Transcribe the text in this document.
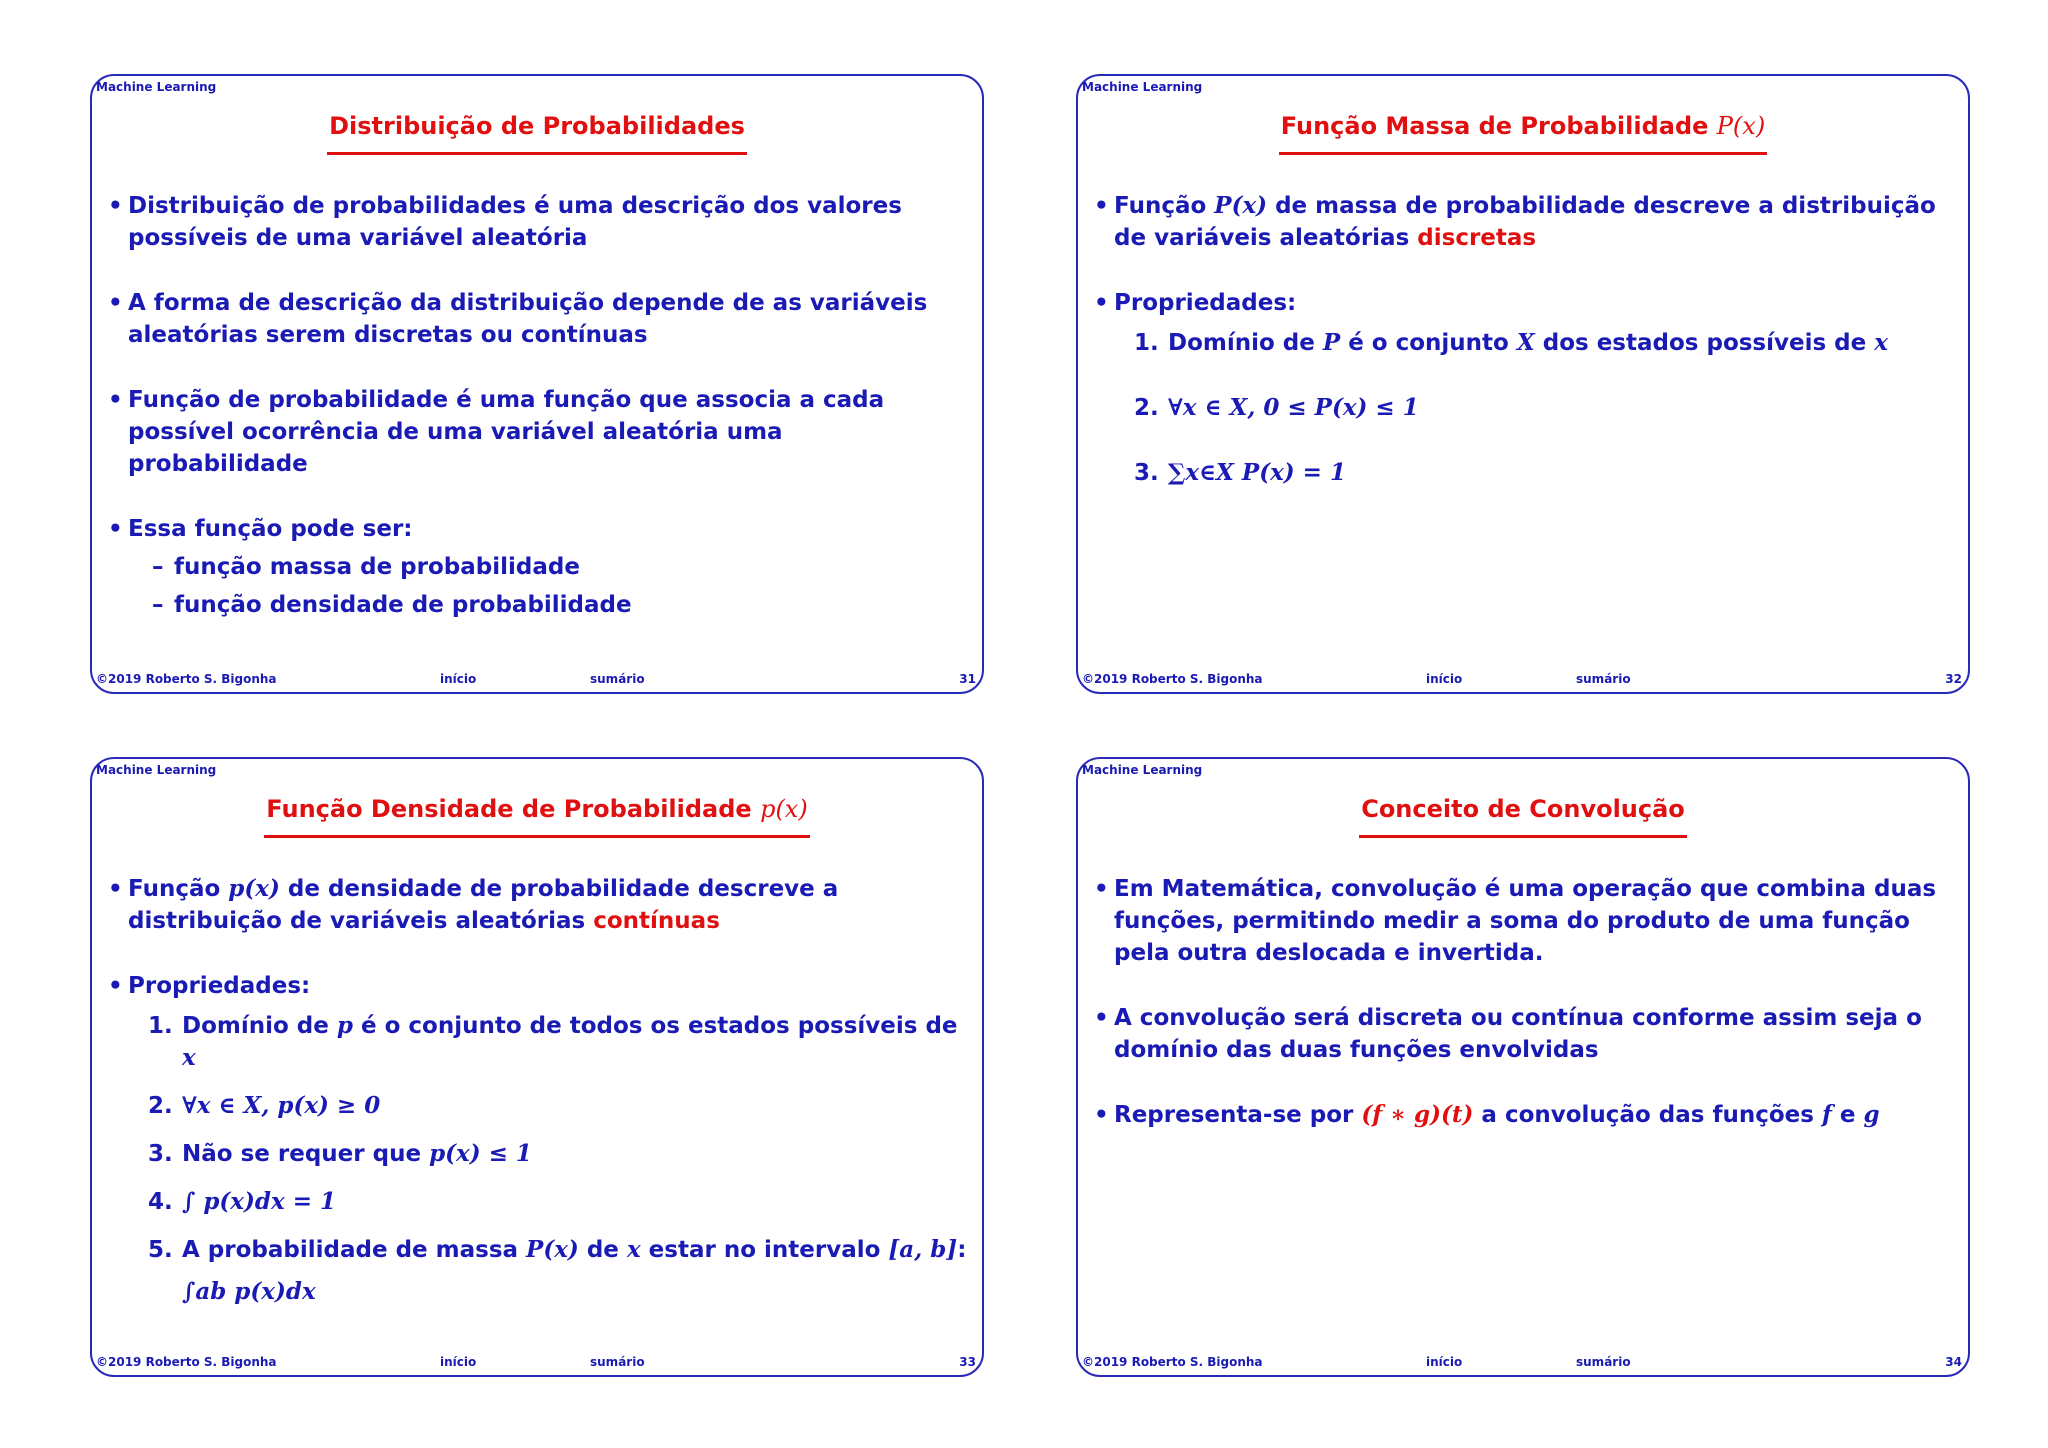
Machine Learning
Distribuição de Probabilidades
• Distribuição de probabilidades é uma descrição dos valores possíveis de uma variável aleatória
• A forma de descrição da distribuição depende de as variáveis aleatórias serem discretas ou contínuas
• Função de probabilidade é uma função que associa a cada possível ocorrência de uma variável aleatória uma probabilidade
• Essa função pode ser:
– função massa de probabilidade
– função densidade de probabilidade
©2019 Roberto S. Bigonha	início	sumário	31
Machine Learning
Função Massa de Probabilidade P(x)
• Função P(x) de massa de probabilidade descreve a distribuição de variáveis aleatórias discretas
• Propriedades:
1. Domínio de P é o conjunto X dos estados possíveis de x
2. ∀x ∈ X, 0 ≤ P(x) ≤ 1
3. ∑x∈X P(x) = 1
©2019 Roberto S. Bigonha	início	sumário	32
Machine Learning
Função Densidade de Probabilidade p(x)
• Função p(x) de densidade de probabilidade descreve a distribuição de variáveis aleatórias contínuas
• Propriedades:
1. Domínio de p é o conjunto de todos os estados possíveis de x
2. ∀x ∈ X, p(x) ≥ 0
3. Não se requer que p(x) ≤ 1
4. ∫ p(x)dx = 1
5. A probabilidade de massa P(x) de x estar no intervalo [a, b]:
∫ab p(x)dx
©2019 Roberto S. Bigonha	início	sumário	33
Machine Learning
Conceito de Convolução
• Em Matemática, convolução é uma operação que combina duas funções, permitindo medir a soma do produto de uma função pela outra deslocada e invertida.
• A convolução será discreta ou contínua conforme assim seja o domínio das duas funções envolvidas
• Representa-se por (f ∗ g)(t) a convolução das funções f e g
©2019 Roberto S. Bigonha	início	sumário	34
